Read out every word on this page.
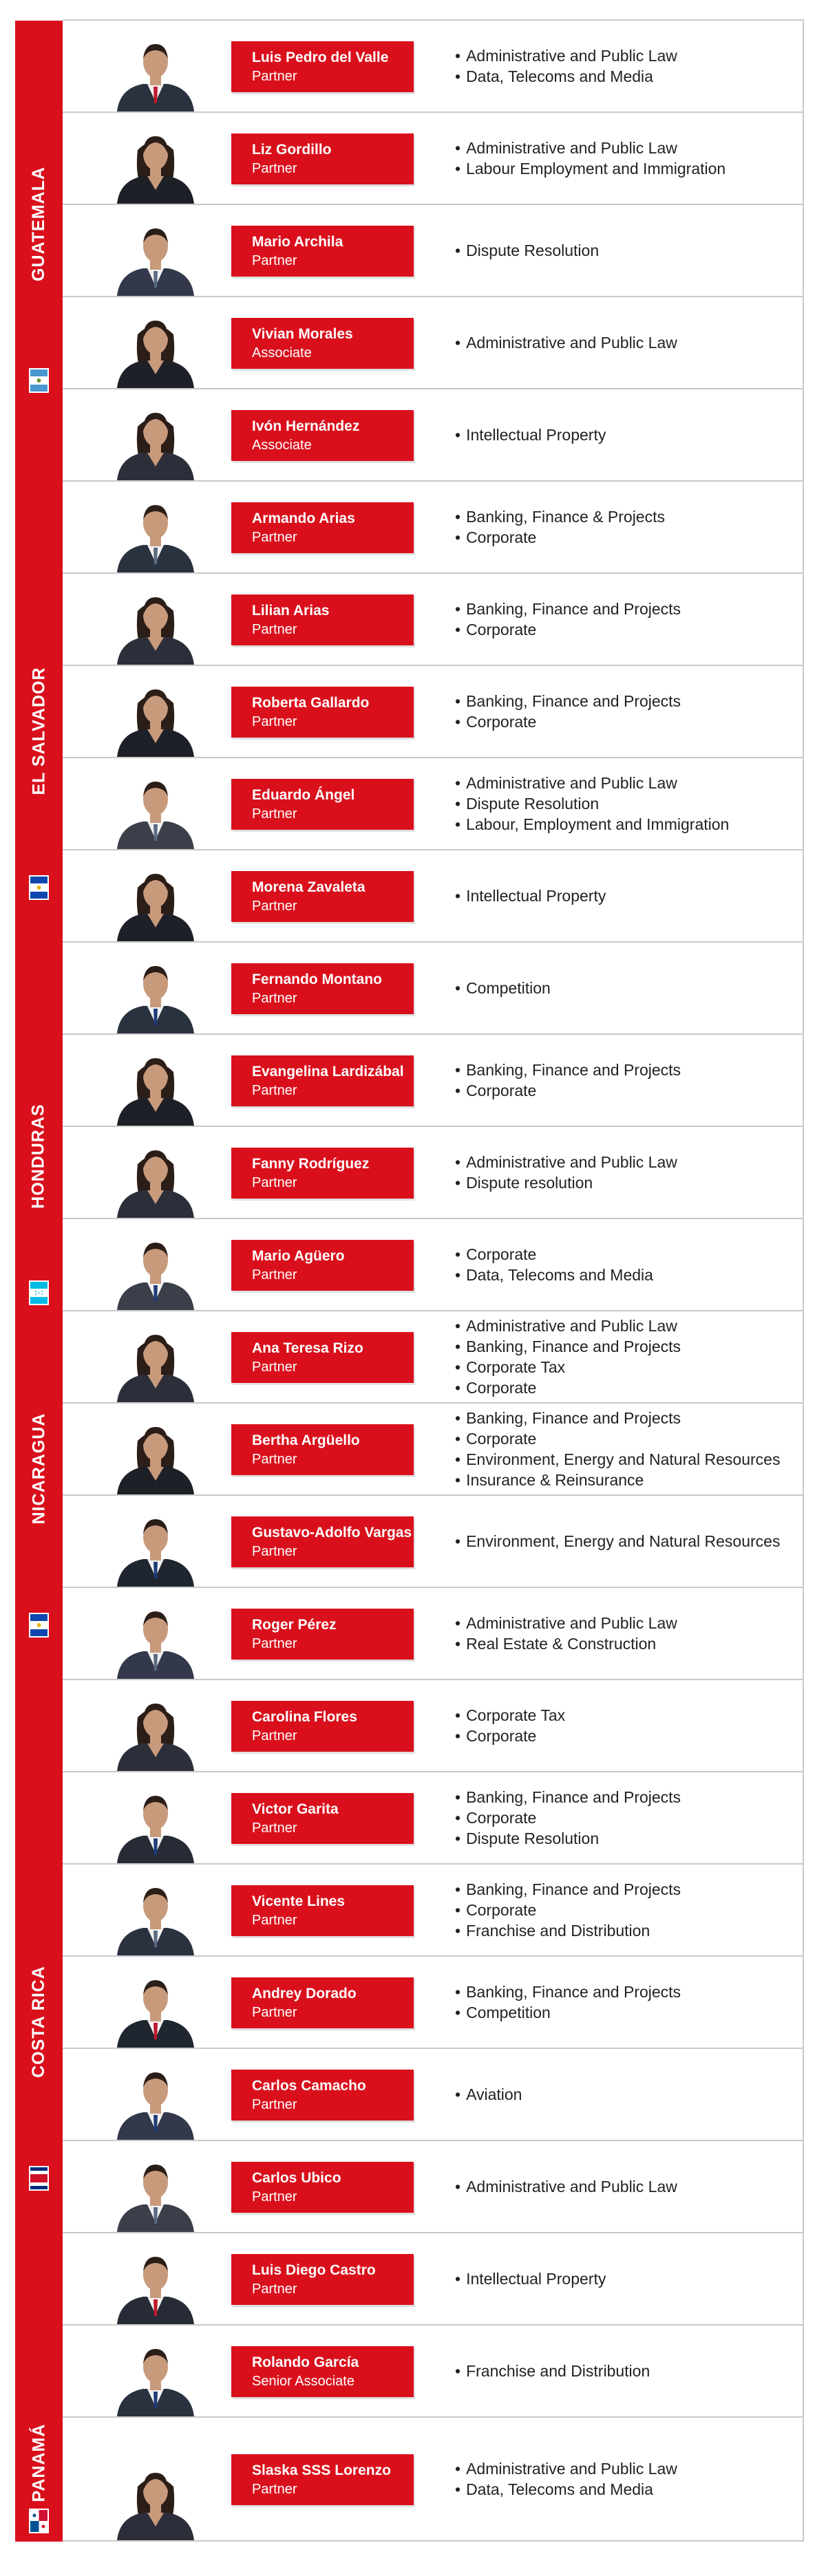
GUATEMALA
Luis Pedro del Valle
Partner
• Administrative and Public Law
• Data, Telecoms and Media
Liz Gordillo
Partner
• Administrative and Public Law
• Labour Employment and Immigration
Mario Archila
Partner
• Dispute Resolution
Vivian Morales
Associate
• Administrative and Public Law
Ivón Hernández
Associate
• Intellectual Property
EL SALVADOR
Armando Arias
Partner
• Banking, Finance & Projects
• Corporate
Lilian Arias
Partner
• Banking, Finance and Projects
• Corporate
Roberta Gallardo
Partner
• Banking, Finance and Projects
• Corporate
Eduardo Ángel
Partner
• Administrative and Public Law
• Dispute Resolution
• Labour, Employment and Immigration
Morena Zavaleta
Partner
• Intellectual Property
Fernando Montano
Partner
• Competition
HONDURAS
Evangelina Lardizábal
Partner
• Banking, Finance and Projects
• Corporate
Fanny Rodríguez
Partner
• Administrative and Public Law
• Dispute resolution
Mario Agüero
Partner
• Corporate
• Data, Telecoms and Media
NICARAGUA
Ana Teresa Rizo
Partner
• Administrative and Public Law
• Banking, Finance and Projects
• Corporate Tax
• Corporate
Bertha Argüello
Partner
• Banking, Finance and Projects
• Corporate
• Environment, Energy and Natural Resources
• Insurance & Reinsurance
Gustavo-Adolfo Vargas
Partner
• Environment, Energy and Natural Resources
Roger Pérez
Partner
• Administrative and Public Law
• Real Estate & Construction
COSTA RICA
Carolina Flores
Partner
• Corporate Tax
• Corporate
Victor Garita
Partner
• Banking, Finance and Projects
• Corporate
• Dispute Resolution
Vicente Lines
Partner
• Banking, Finance and Projects
• Corporate
• Franchise and Distribution
Andrey Dorado
Partner
• Banking, Finance and Projects
• Competition
Carlos Camacho
Partner
• Aviation
Carlos Ubico
Partner
• Administrative and Public Law
Luis Diego Castro
Partner
• Intellectual Property
Rolando García
Senior Associate
• Franchise and Distribution
PANAMÁ	Slaska SSS Lorenzo
Partner
• Administrative and Public Law
• Data, Telecoms and Media
